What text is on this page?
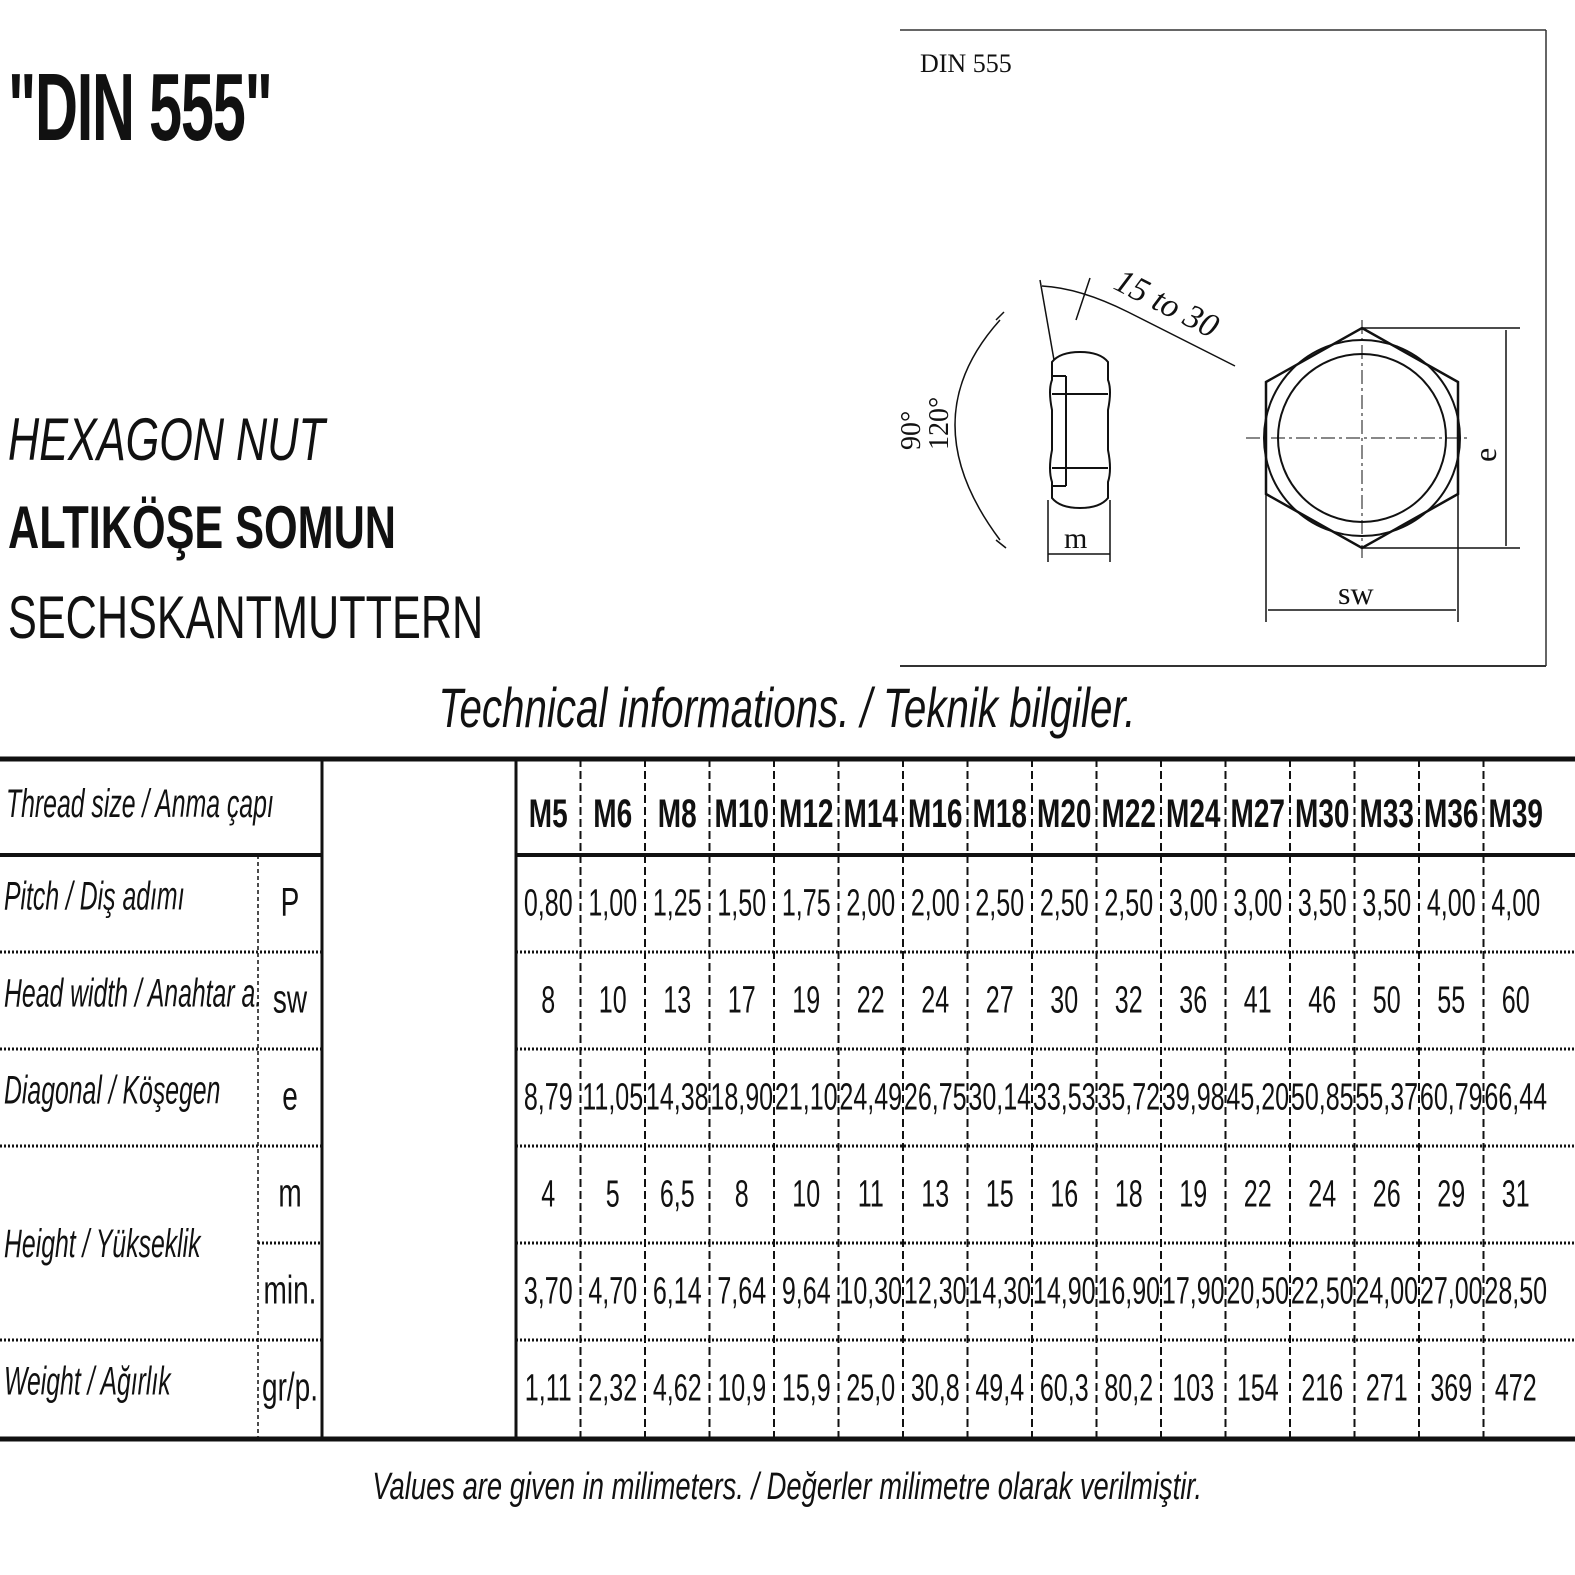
"DIN 555"
HEXAGON NUT
ALTIKÖŞE SOMUN
SECHSKANTMUTTERN
DIN 555
15 to 30
90°
120°
m
e
sw
Technical informations. / Teknik bilgiler.
Thread size / Anma çapı	M5 M6 M8 M10 M12 M14 M16 M18 M20 M22 M24 M27 M30 M33 M36 M39
Pitch / Diş adımı P	0,80 1,00 1,25 1,50 1,75 2,00 2,00 2,50 2,50 2,50 3,00 3,00 3,50 3,50 4,00 4,00
Head width / Anahtar a. sw	8 10 13 17 19 22 24 27 30 32 36 41 46 50 55 60
Diagonal / Köşegen e	8,79 11,05 14,38 18,90 21,10 24,49 26,75 30,14 33,53 35,72 39,98 45,20 50,85 55,37 60,79 66,44
Height / Yükseklik
m	4 5 6,5 8 10 11 13 15 16 18 19 22 24 26 29 31
min.	3,70 4,70 6,14 7,64 9,64 10,30 12,30 14,30 14,90 16,90 17,90 20,50 22,50 24,00 27,00 28,50
Weight / Ağırlık gr/p.	1,11 2,32 4,62 10,9 15,9 25,0 30,8 49,4 60,3 80,2 103 154 216 271 369 472
Values are given in milimeters. / Değerler milimetre olarak verilmiştir.
